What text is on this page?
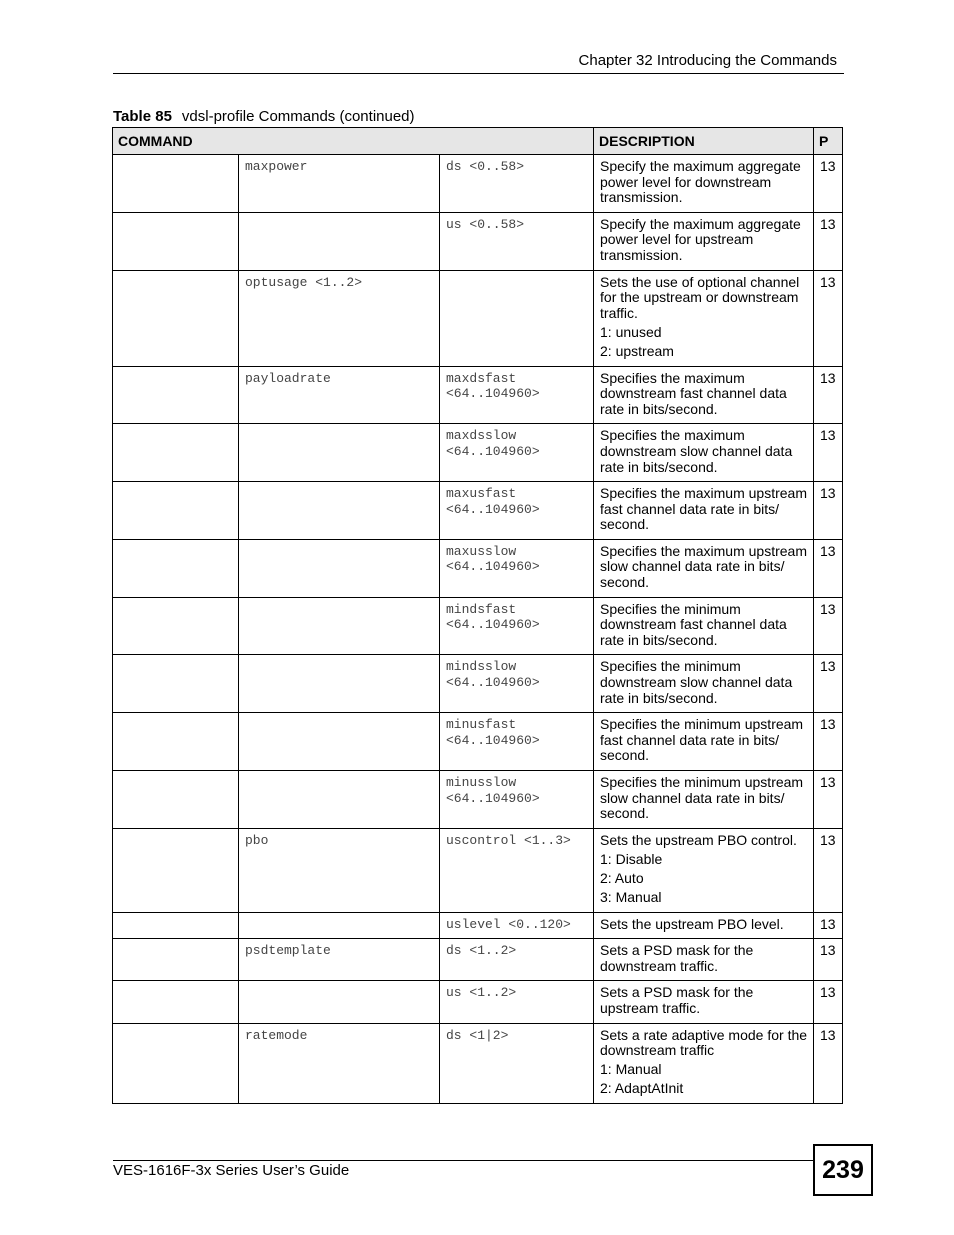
Chapter 32 Introducing the Commands
Table 85 vdsl-profile Commands (continued)
COMMAND			DESCRIPTION	P
	maxpower	ds <0..58>	Specify the maximum aggregate power level for downstream transmission.	13
		us <0..58>	Specify the maximum aggregate power level for upstream transmission.	13
	optusage <1..2>		Sets the use of optional channel for the upstream or downstream traffic.
1: unused
2: upstream	13
	payloadrate	maxdsfast <64..104960>	Specifies the maximum downstream fast channel data rate in bits/second.	13
		maxdsslow <64..104960>	Specifies the maximum downstream slow channel data rate in bits/second.	13
		maxusfast <64..104960>	Specifies the maximum upstream fast channel data rate in bits/ second.	13
		maxusslow <64..104960>	Specifies the maximum upstream slow channel data rate in bits/ second.	13
		mindsfast <64..104960>	Specifies the minimum downstream fast channel data rate in bits/second.	13
		mindsslow <64..104960>	Specifies the minimum downstream slow channel data rate in bits/second.	13
		minusfast <64..104960>	Specifies the minimum upstream fast channel data rate in bits/ second.	13
		minusslow <64..104960>	Specifies the minimum upstream slow channel data rate in bits/ second.	13
	pbo	uscontrol <1..3>	Sets the upstream PBO control.
1: Disable
2: Auto
3: Manual	13
		uslevel <0..120>	Sets the upstream PBO level.	13
	psdtemplate	ds <1..2>	Sets a PSD mask for the downstream traffic.	13
		us <1..2>	Sets a PSD mask for the upstream traffic.	13
	ratemode	ds <1|2>	Sets a rate adaptive mode for the downstream traffic
1: Manual
2: AdaptAtInit	13
VES-1616F-3x Series User’s Guide	239
